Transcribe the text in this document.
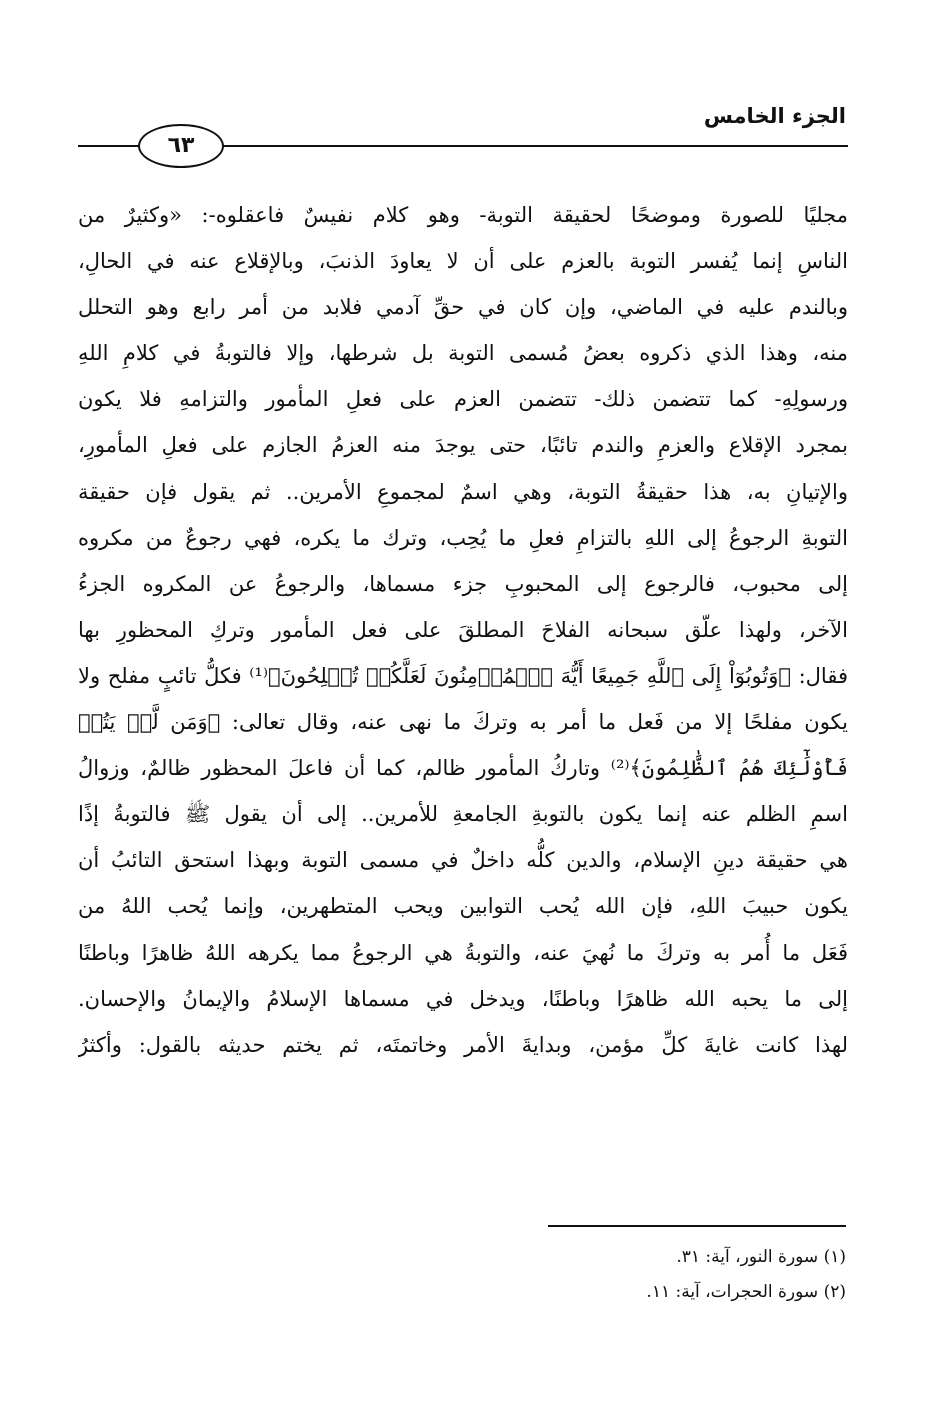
الجزء الخامس
٦٣
مجليًا للصورة وموضحًا لحقيقة التوبة- وهو كلام نفيسٌ فاعقلوه-: «وكثيرٌ من
الناسِ إنما يُفسر التوبة بالعزم على أن لا يعاودَ الذنبَ، وبالإقلاع عنه في الحالِ،
وبالندم عليه في الماضي، وإن كان في حقِّ آدمي فلابد من أمر رابع وهو التحلل
منه، وهذا الذي ذكروه بعضُ مُسمى التوبة بل شرطها، وإلا فالتوبةُ في كلامِ اللهِ
ورسولِهِ- كما تتضمن ذلك- تتضمن العزم على فعلِ المأمور والتزامهِ فلا يكون
بمجرد الإقلاع والعزمِ والندم تائبًا، حتى يوجدَ منه العزمُ الجازم على فعلِ المأمورِ،
والإتيانِ به، هذا حقيقةُ التوبة، وهي اسمٌ لمجموعِ الأمرين.. ثم يقول فإن حقيقة
التوبةِ الرجوعُ إلى اللهِ بالتزامِ فعلِ ما يُحِب، وترك ما يكره، فهي رجوعٌ من مكروه
إلى محبوب، فالرجوع إلى المحبوبِ جزء مسماها، والرجوعُ عن المكروه الجزءُ
الآخر، ولهذا علّق سبحانه الفلاحَ المطلقَ على فعل المأمور وتركِ المحظورِ بها
فقال: ﴿وَتُوبُوٓاْ إِلَى ٱللَّهِ جَمِيعًا أَيُّهَ ٱلۡمُؤۡمِنُونَ لَعَلَّكُمۡ تُفۡلِحُونَ﴾⁽¹⁾ فكلُّ تائبٍ مفلح ولا
يكون مفلحًا إلا من فَعل ما أمر به وتركَ ما نهى عنه، وقال تعالى: ﴿وَمَن لَّمۡ يَتُبۡ
فَأُوْلَٰٓئِكَ هُمُ ٱلظَّٰلِمُونَ﴾⁽²⁾ وتاركُ المأمور ظالم، كما أن فاعلَ المحظور ظالمٌ، وزوالُ
اسمِ الظلم عنه إنما يكون بالتوبةِ الجامعةِ للأمرين.. إلى أن يقول ﷺ فالتوبةُ إذًا
هي حقيقة دينِ الإسلام، والدين كلُّه داخلٌ في مسمى التوبة وبهذا استحق التائبُ أن
يكون حبيبَ اللهِ، فإن الله يُحب التوابين ويحب المتطهرين، وإنما يُحب اللهُ من
فَعَل ما أُمر به وتركَ ما نُهيَ عنه، والتوبةُ هي الرجوعُ مما يكرهه اللهُ ظاهرًا وباطنًا
إلى ما يحبه الله ظاهرًا وباطنًا، ويدخل في مسماها الإسلامُ والإيمانُ والإحسان.
لهذا كانت غايةَ كلِّ مؤمن، وبدايةَ الأمر وخاتمتَه، ثم يختم حديثه بالقول: وأكثرُ
(١) سورة النور، آية: ٣١.
(٢) سورة الحجرات، آية: ١١.
